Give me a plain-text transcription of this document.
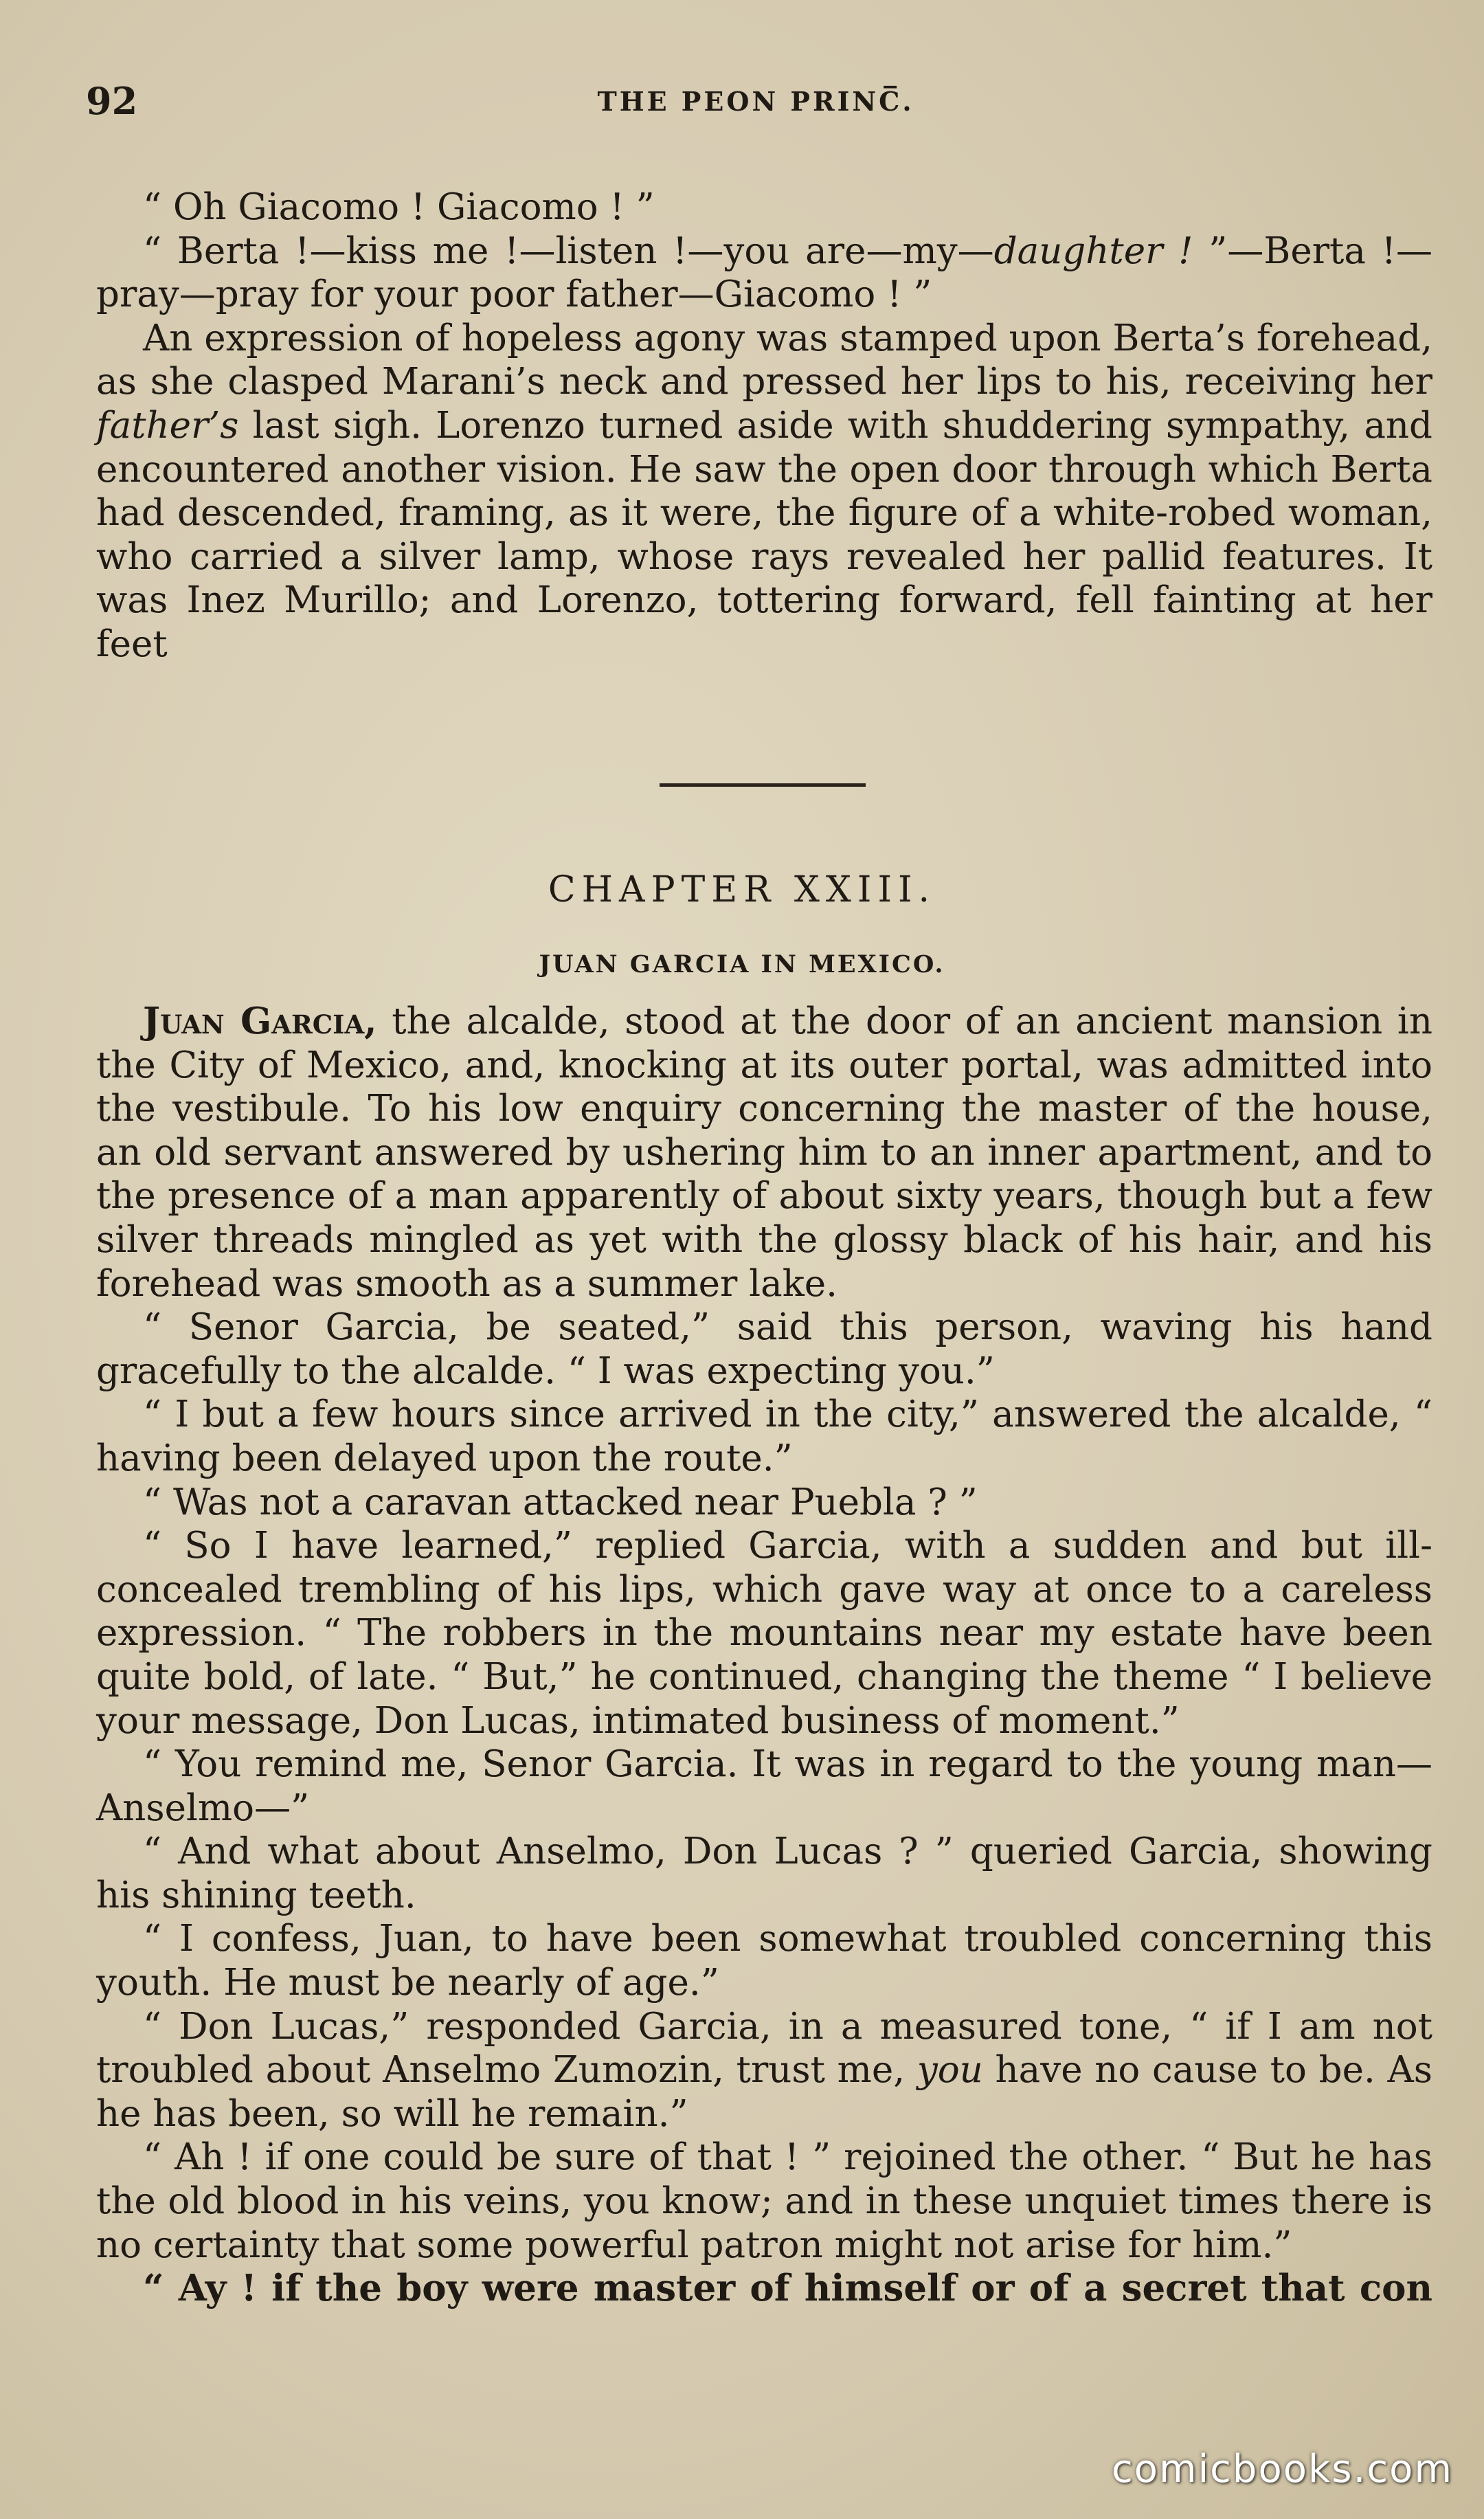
92	THE PEON PRINC̅.

“ Oh Giacomo ! Giacomo ! ”

“ Berta !—kiss me !—listen !—you are—my—daughter ! ”—Berta !—pray—pray for your poor father—Giacomo ! ”

An expression of hopeless agony was stamped upon Berta’s forehead, as she clasped Marani’s neck and pressed her lips to his, receiving her father’s last sigh. Lorenzo turned aside with shuddering sympathy, and encountered another vision. He saw the open door through which Berta had descended, framing, as it were, the figure of a white-robed woman, who carried a silver lamp, whose rays revealed her pallid features. It was Inez Murillo; and Lorenzo, tottering forward, fell fainting at her feet

CHAPTER XXIII.
JUAN GARCIA IN MEXICO.

Juan Garcia, the alcalde, stood at the door of an ancient mansion in the City of Mexico, and, knocking at its outer portal, was admitted into the vestibule. To his low enquiry concerning the master of the house, an old servant answered by ushering him to an inner apartment, and to the presence of a man apparently of about sixty years, though but a few silver threads mingled as yet with the glossy black of his hair, and his forehead was smooth as a summer lake.

“ Senor Garcia, be seated,” said this person, waving his hand gracefully to the alcalde. “ I was expecting you.”

“ I but a few hours since arrived in the city,” answered the alcalde, “ having been delayed upon the route.”

“ Was not a caravan attacked near Puebla ? ”

“ So I have learned,” replied Garcia, with a sudden and but ill-concealed trembling of his lips, which gave way at once to a careless expression. “ The robbers in the mountains near my estate have been quite bold, of late. “ But,” he continued, changing the theme “ I believe your message, Don Lucas, intimated business of moment.”

“ You remind me, Senor Garcia. It was in regard to the young man—Anselmo—”

“ And what about Anselmo, Don Lucas ? ” queried Garcia, showing his shining teeth.

“ I confess, Juan, to have been somewhat troubled concerning this youth. He must be nearly of age.”

“ Don Lucas,” responded Garcia, in a measured tone, “ if I am not troubled about Anselmo Zumozin, trust me, you have no cause to be. As he has been, so will he remain.”

“ Ah ! if one could be sure of that ! ” rejoined the other. “ But he has the old blood in his veins, you know; and in these unquiet times there is no certainty that some powerful patron might not arise for him.”

“ Ay ! if the boy were master of himself or of a secret that con

comicbooks.com
